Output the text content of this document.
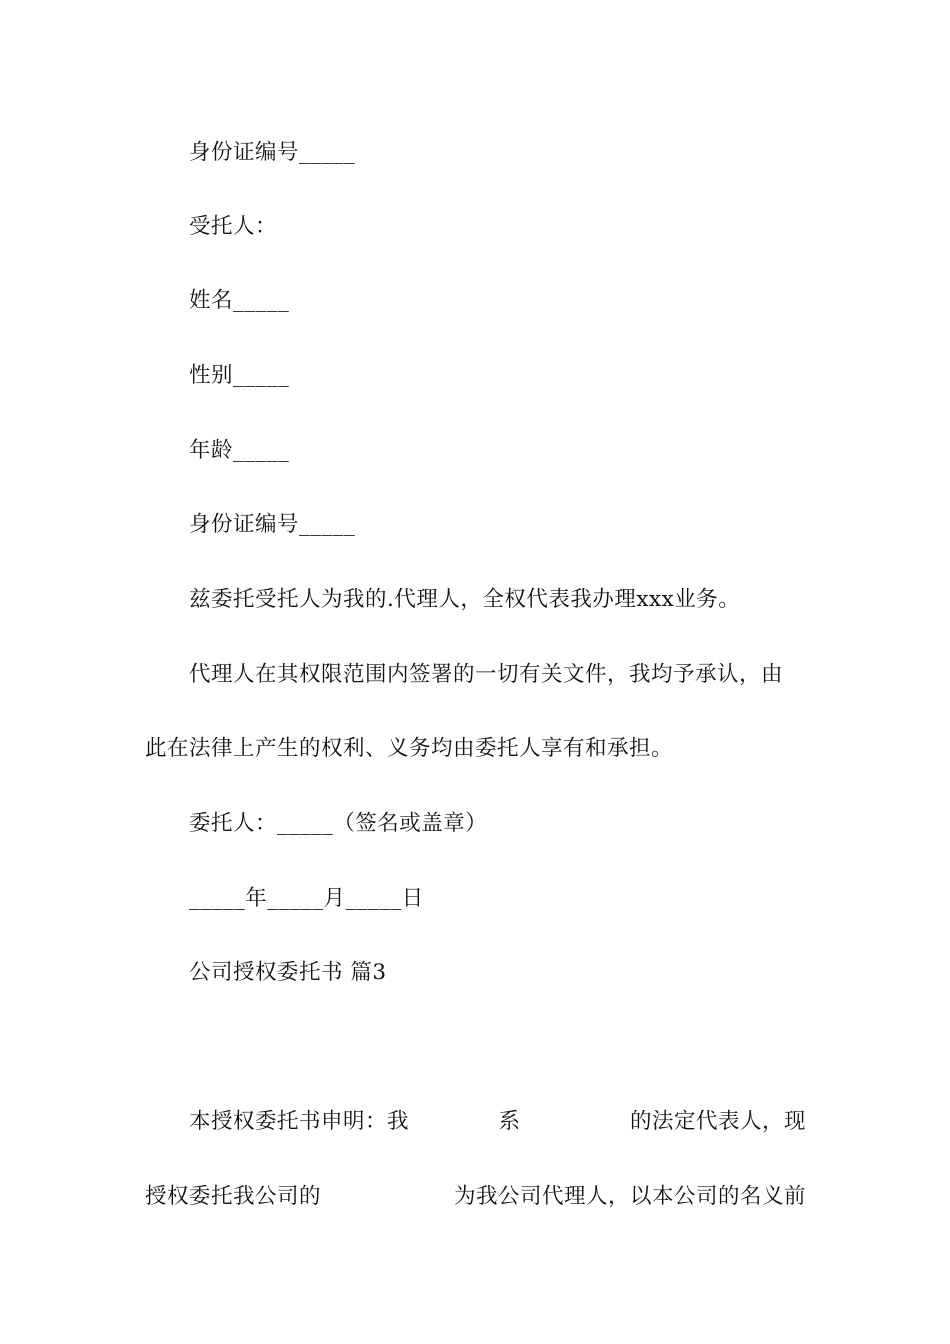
身份证编号_____
受托人：
姓名_____
性别_____
年龄_____
身份证编号_____
兹委托受托人为我的.代理人，全权代表我办理xxx业务。
代理人在其权限范围内签署的一切有关文件，我均予承认，由
此在法律上产生的权利、义务均由委托人享有和承担。
委托人：_____（签名或盖章）
_____年_____月_____日
公司授权委托书 篇3
本授权委托书申明：我	系	的法定代表人，现
授权委托我公司的	为我公司代理人，以本公司的名义前
